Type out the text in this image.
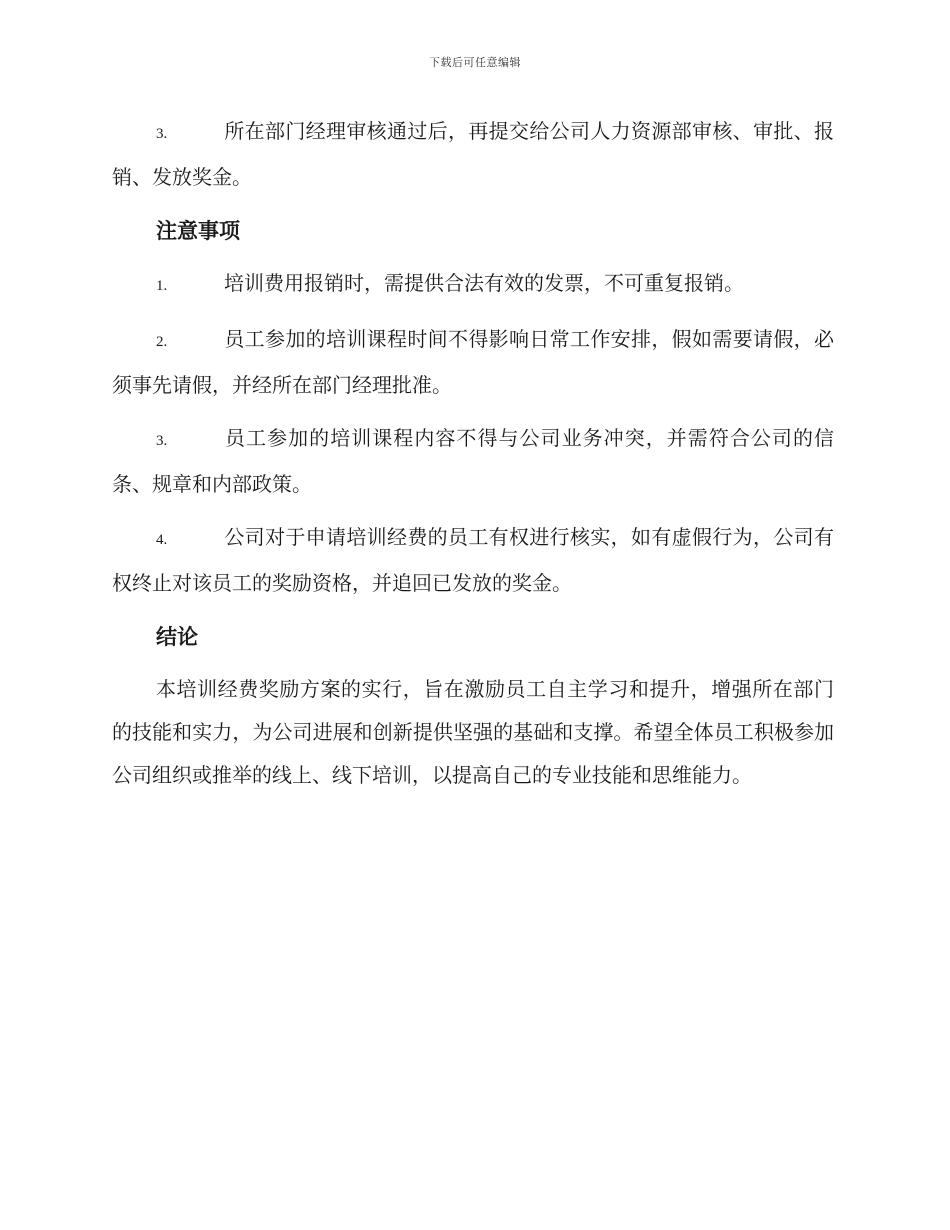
下载后可任意编辑

3.	所在部门经理审核通过后，再提交给公司人力资源部审核、审批、报销、发放奖金。

注意事项

1.	培训费用报销时，需提供合法有效的发票，不可重复报销。

2.	员工参加的培训课程时间不得影响日常工作安排，假如需要请假，必须事先请假，并经所在部门经理批准。

3.	员工参加的培训课程内容不得与公司业务冲突，并需符合公司的信条、规章和内部政策。

4.	公司对于申请培训经费的员工有权进行核实，如有虚假行为，公司有权终止对该员工的奖励资格，并追回已发放的奖金。

结论

本培训经费奖励方案的实行，旨在激励员工自主学习和提升，增强所在部门的技能和实力，为公司进展和创新提供坚强的基础和支撑。希望全体员工积极参加公司组织或推举的线上、线下培训，以提高自己的专业技能和思维能力。
